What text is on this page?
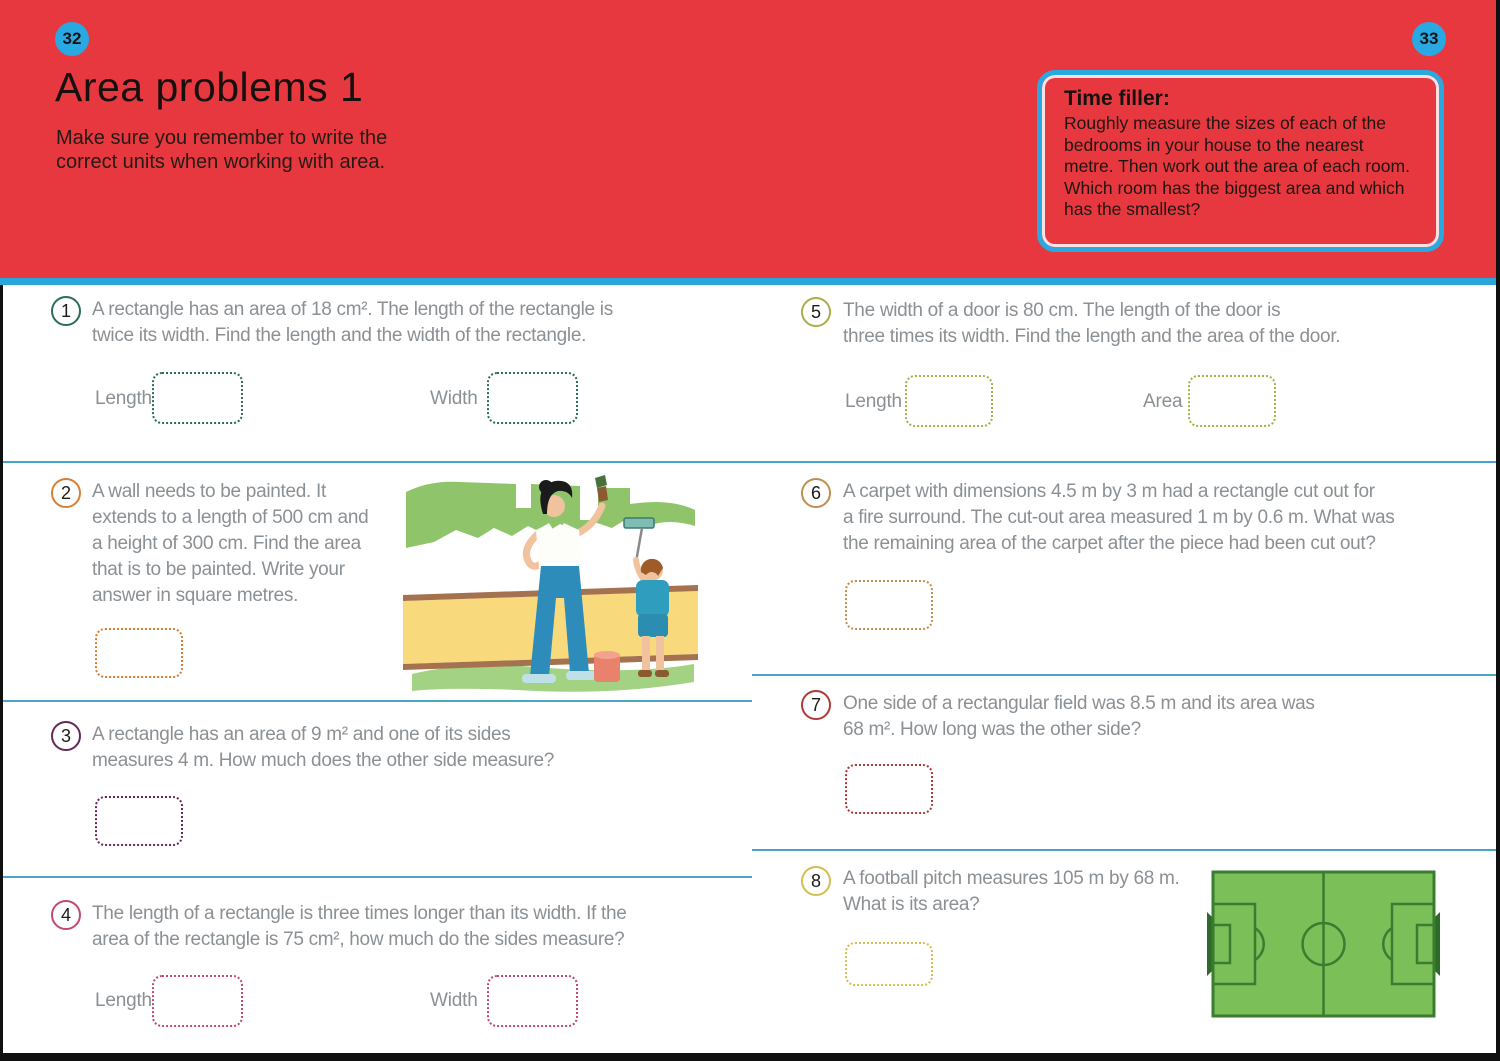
32	33
Area problems 1
Make sure you remember to write the
correct units when working with area.
Time filler:
Roughly measure the sizes of each of the bedrooms in your house to the nearest metre. Then work out the area of each room. Which room has the biggest area and which has the smallest?
1	A rectangle has an area of 18 cm². The length of the rectangle is
twice its width. Find the length and the width of the rectangle.
Length	Width
2	A wall needs to be painted. It
extends to a length of 500 cm and
a height of 300 cm. Find the area
that is to be painted. Write your
answer in square metres.
3	A rectangle has an area of 9 m² and one of its sides
measures 4 m. How much does the other side measure?
4	The length of a rectangle is three times longer than its width. If the
area of the rectangle is 75 cm², how much do the sides measure?
Length	Width
5	The width of a door is 80 cm. The length of the door is
three times its width. Find the length and the area of the door.
Length	Area
6	A carpet with dimensions 4.5 m by 3 m had a rectangle cut out for
a fire surround. The cut-out area measured 1 m by 0.6 m. What was
the remaining area of the carpet after the piece had been cut out?
7	One side of a rectangular field was 8.5 m and its area was
68 m². How long was the other side?
8	A football pitch measures 105 m by 68 m.
What is its area?
